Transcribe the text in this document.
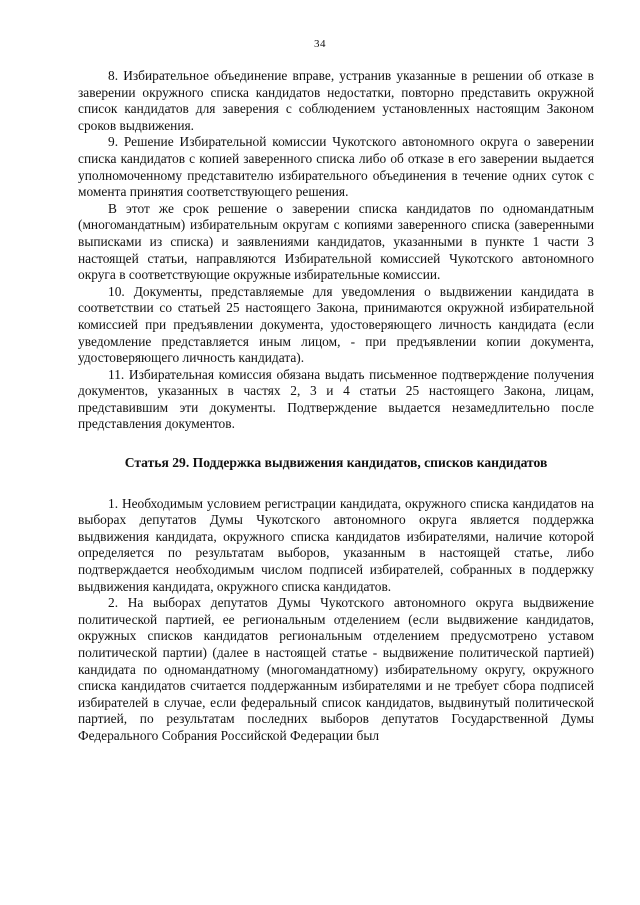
34

8. Избирательное объединение вправе, устранив указанные в решении об отказе в заверении окружного списка кандидатов недостатки, повторно представить окружной список кандидатов для заверения с соблюдением установленных настоящим Законом сроков выдвижения.

9. Решение Избирательной комиссии Чукотского автономного округа о заверении списка кандидатов с копией заверенного списка либо об отказе в его заверении выдается уполномоченному представителю избирательного объединения в течение одних суток с момента принятия соответствующего решения.

В этот же срок решение о заверении списка кандидатов по одномандатным (многомандатным) избирательным округам с копиями заверенного списка (заверенными выписками из списка) и заявлениями кандидатов, указанными в пункте 1 части 3 настоящей статьи, направляются Избирательной комиссией Чукотского автономного округа в соответствующие окружные избирательные комиссии.

10. Документы, представляемые для уведомления о выдвижении кандидата в соответствии со статьей 25 настоящего Закона, принимаются окружной избирательной комиссией при предъявлении документа, удостоверяющего личность кандидата (если уведомление представляется иным лицом, - при предъявлении копии документа, удостоверяющего личность кандидата).

11. Избирательная комиссия обязана выдать письменное подтверждение получения документов, указанных в частях 2, 3 и 4 статьи 25 настоящего Закона, лицам, представившим эти документы. Подтверждение выдается незамедлительно после представления документов.

Статья 29. Поддержка выдвижения кандидатов, списков кандидатов

1. Необходимым условием регистрации кандидата, окружного списка кандидатов на выборах депутатов Думы Чукотского автономного округа является поддержка выдвижения кандидата, окружного списка кандидатов избирателями, наличие которой определяется по результатам выборов, указанным в настоящей статье, либо подтверждается необходимым числом подписей избирателей, собранных в поддержку выдвижения кандидата, окружного списка кандидатов.

2. На выборах депутатов Думы Чукотского автономного округа выдвижение политической партией, ее региональным отделением (если выдвижение кандидатов, окружных списков кандидатов региональным отделением предусмотрено уставом политической партии) (далее в настоящей статье - выдвижение политической партией) кандидата по одномандатному (многомандатному) избирательному округу, окружного списка кандидатов считается поддержанным избирателями и не требует сбора подписей избирателей в случае, если федеральный список кандидатов, выдвинутый политической партией, по результатам последних выборов депутатов Государственной Думы Федерального Собрания Российской Федерации был
